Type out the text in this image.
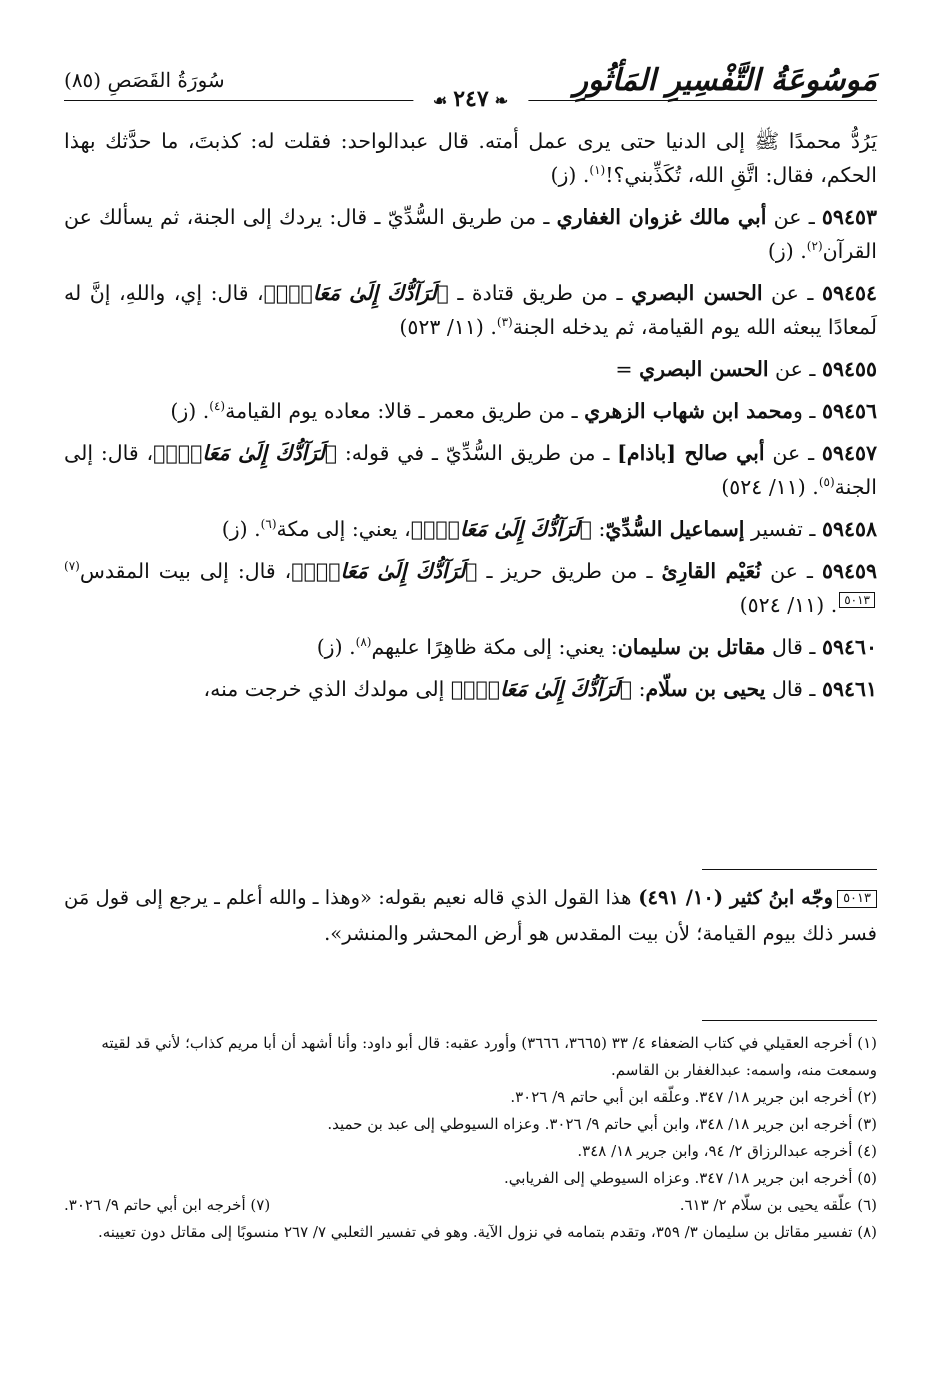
مَوسُوعَةُ التَّفْسِيرِ المَأثُورِ
سُورَةُ القَصَصِ (٨٥)
❧٢٤٧☙

يَرُدُّ محمدًا ﷺ إلى الدنيا حتى يرى عمل أمته. قال عبدالواحد: فقلت له: كذبتَ، ما حدَّثك بهذا الحكم، فقال: اتَّقِ الله، تُكَذِّبني؟!$^{(١)}$. (ز)

٥٩٤٥٣ ـ عن أبي مالك غزوان الغفاري ـ من طريق السُّدِّيّ ـ قال: يردك إلى الجنة، ثم يسألك عن القرآن$^{(٢)}$. (ز)

٥٩٤٥٤ ـ عن الحسن البصري ـ من طريق قتادة ـ ﴿لَرَآدُّكَ إِلَىٰ مَعَادٍۚ﴾، قال: إي، واللهِ، إنَّ له لَمعادًا يبعثه الله يوم القيامة، ثم يدخله الجنة$^{(٣)}$. (١١/ ٥٢٣)

٥٩٤٥٥ ـ عن الحسن البصري =

٥٩٤٥٦ ـ ومحمد ابن شهاب الزهري ـ من طريق معمر ـ قالا: معاده يوم القيامة$^{(٤)}$. (ز)

٥٩٤٥٧ ـ عن أبي صالح [باذام] ـ من طريق السُّدِّيّ ـ في قوله: ﴿لَرَآدُّكَ إِلَىٰ مَعَادٍۚ﴾، قال: إلى الجنة$^{(٥)}$. (١١/ ٥٢٤)

٥٩٤٥٨ ـ تفسير إسماعيل السُّدِّيّ: ﴿لَرَآدُّكَ إِلَىٰ مَعَادٍۚ﴾، يعني: إلى مكة$^{(٦)}$. (ز)

٥٩٤٥٩ ـ عن نُعَيْم القارِئ ـ من طريق حريز ـ ﴿لَرَآدُّكَ إِلَىٰ مَعَادٍۚ﴾، قال: إلى بيت المقدس$^{(٧)}$٥٠١٣. (١١/ ٥٢٤)

٥٩٤٦٠ ـ قال مقاتل بن سليمان: يعني: إلى مكة ظاهِرًا عليهم$^{(٨)}$. (ز)

٥٩٤٦١ ـ قال يحيى بن سلّام: ﴿لَرَآدُّكَ إِلَىٰ مَعَادٍۚ﴾ إلى مولدك الذي خرجت منه،

٥٠١٣وجّه ابنُ كثير (١٠/ ٤٩١) هذا القول الذي قاله نعيم بقوله: «وهذا ـ والله أعلم ـ يرجع إلى قول مَن فسر ذلك بيوم القيامة؛ لأن بيت المقدس هو أرض المحشر والمنشر».

(١) أخرجه العقيلي في كتاب الضعفاء ٤/ ٣٣ (٣٦٦٥، ٣٦٦٦) وأورد عقبه: قال أبو داود: وأنا أشهد أن أبا مريم كذاب؛ لأني قد لقيته وسمعت منه، واسمه: عبدالغفار بن القاسم.

(٢) أخرجه ابن جرير ١٨/ ٣٤٧. وعلّقه ابن أبي حاتم ٩/ ٣٠٢٦.

(٣) أخرجه ابن جرير ١٨/ ٣٤٨، وابن أبي حاتم ٩/ ٣٠٢٦. وعزاه السيوطي إلى عبد بن حميد.

(٤) أخرجه عبدالرزاق ٢/ ٩٤، وابن جرير ١٨/ ٣٤٨.

(٥) أخرجه ابن جرير ١٨/ ٣٤٧. وعزاه السيوطي إلى الفريابي.

(٦) علّقه يحيى بن سلّام ٢/ ٦١٣.
(٧) أخرجه ابن أبي حاتم ٩/ ٣٠٢٦.

(٨) تفسير مقاتل بن سليمان ٣/ ٣٥٩، وتقدم بتمامه في نزول الآية. وهو في تفسير الثعلبي ٧/ ٢٦٧ منسوبًا إلى مقاتل دون تعيينه.
